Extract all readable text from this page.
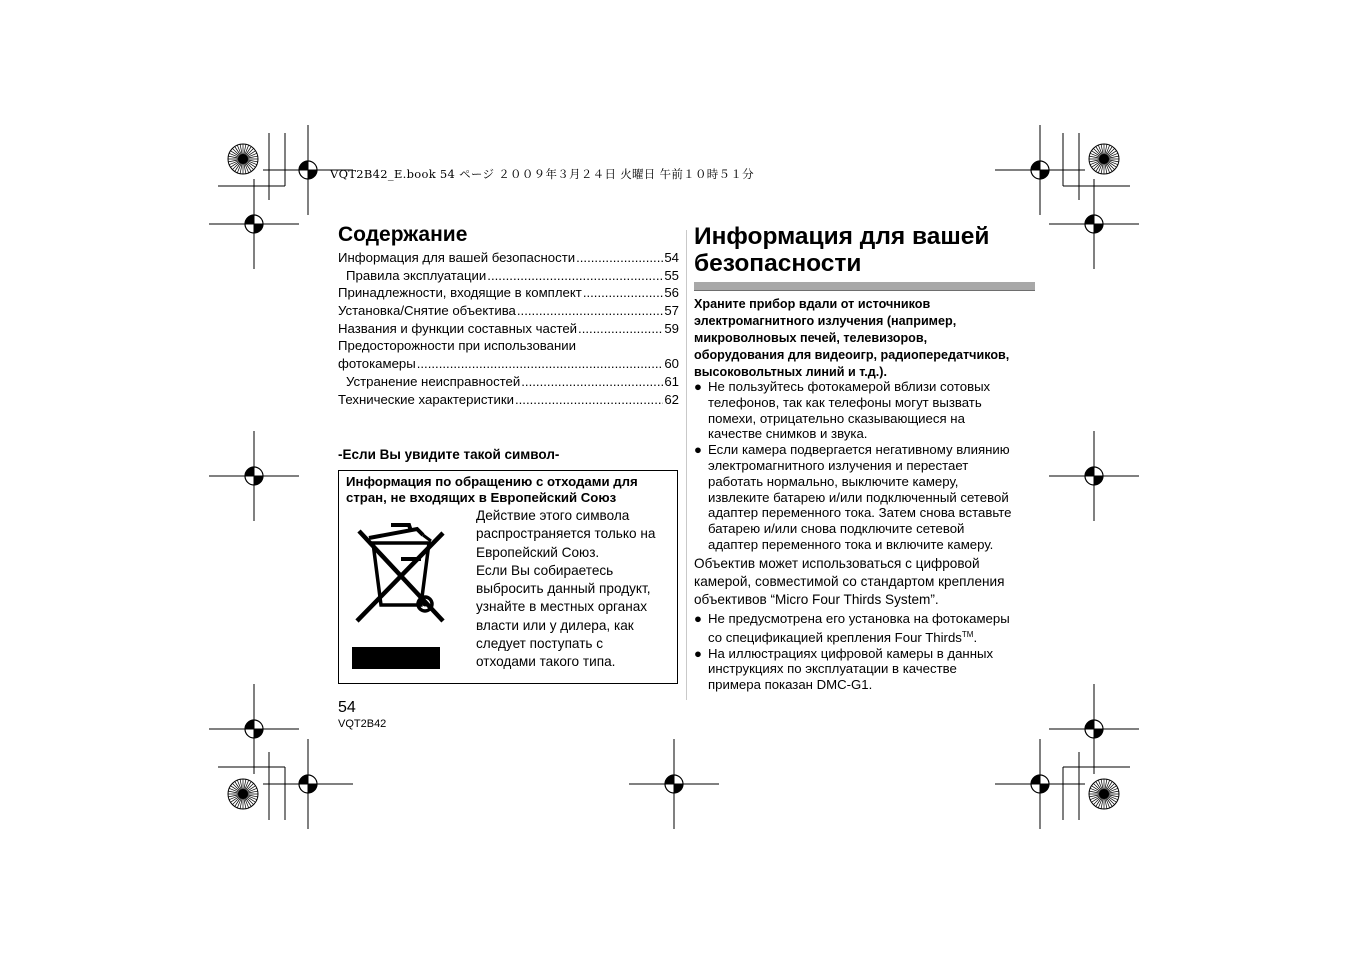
VQT2B42_E.book 54 ページ ２００９年３月２４日 火曜日 午前１０時５１分
Содержание
Информация для вашей безопасности .....	54
Правила эксплуатации .....	55
Принадлежности, входящие в комплект .....	56
Установка/Снятие объектива .....	57
Названия и функции составных частей .....	59
Предосторожности при использовании
фотокамеры .....	60
Устранение неисправностей .....	61
Технические характеристики .....	62
-Если Вы увидите такой символ-
Информация по обращению с отходами для стран, не входящих в Европейский Союз
Действие этого символа
распространяется только на
Европейский Союз.
Если Вы собираетесь
выбросить данный продукт,
узнайте в местных органах
власти или у дилера, как
следует поступать с
отходами такого типа.
54
VQT2B42
Информация для вашей
безопасности
Храните прибор вдали от источников
электромагнитного излучения (например,
микроволновых печей, телевизоров,
оборудования для видеоигр, радиопередатчиков,
высоковольтных линий и т.д.).
● Не пользуйтесь фотокамерой вблизи сотовых
телефонов, так как телефоны могут вызвать
помехи, отрицательно сказывающиеся на
качестве снимков и звука.
● Если камера подвергается негативному влиянию
электромагнитного излучения и перестает
работать нормально, выключите камеру,
извлеките батарею и/или подключенный сетевой
адаптер переменного тока. Затем снова вставьте
батарею и/или снова подключите сетевой
адаптер переменного тока и включите камеру.
Объектив может использоваться с цифровой
камерой, совместимой со стандартом крепления
объективов “Micro Four Thirds System”.
● Не предусмотрена его установка на фотокамеры
со спецификацией крепления Four Thirds™.
● На иллюстрациях цифровой камеры в данных
инструкциях по эксплуатации в качестве
примера показан DMC-G1.
